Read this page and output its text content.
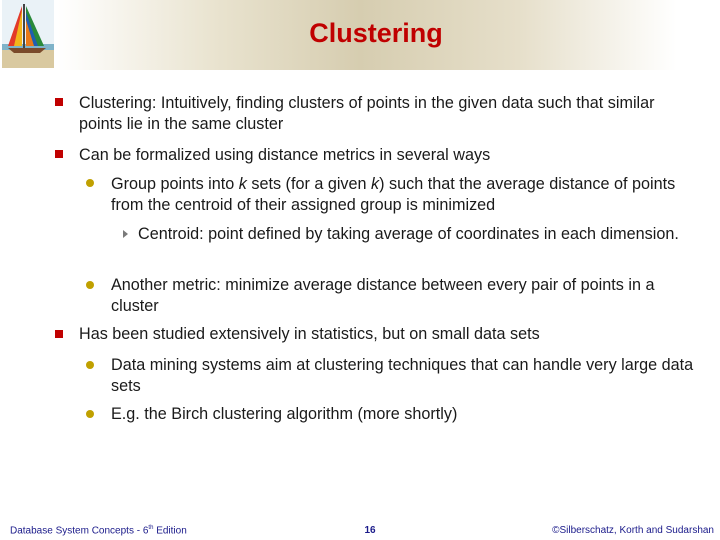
Clustering
Clustering: Intuitively, finding clusters of points in the given data such that similar points lie in the same cluster
Can be formalized using distance metrics in several ways
Group points into k sets (for a given k) such that the average distance of points from the centroid of their assigned group is minimized
Centroid: point defined by taking average of coordinates in each dimension.
Another metric: minimize average distance between every pair of points in a cluster
Has been studied extensively in statistics, but on small data sets
Data mining systems aim at clustering techniques that can handle very large data sets
E.g. the Birch clustering algorithm (more shortly)
Database System Concepts - 6th Edition	16	©Silberschatz, Korth and Sudarshan
